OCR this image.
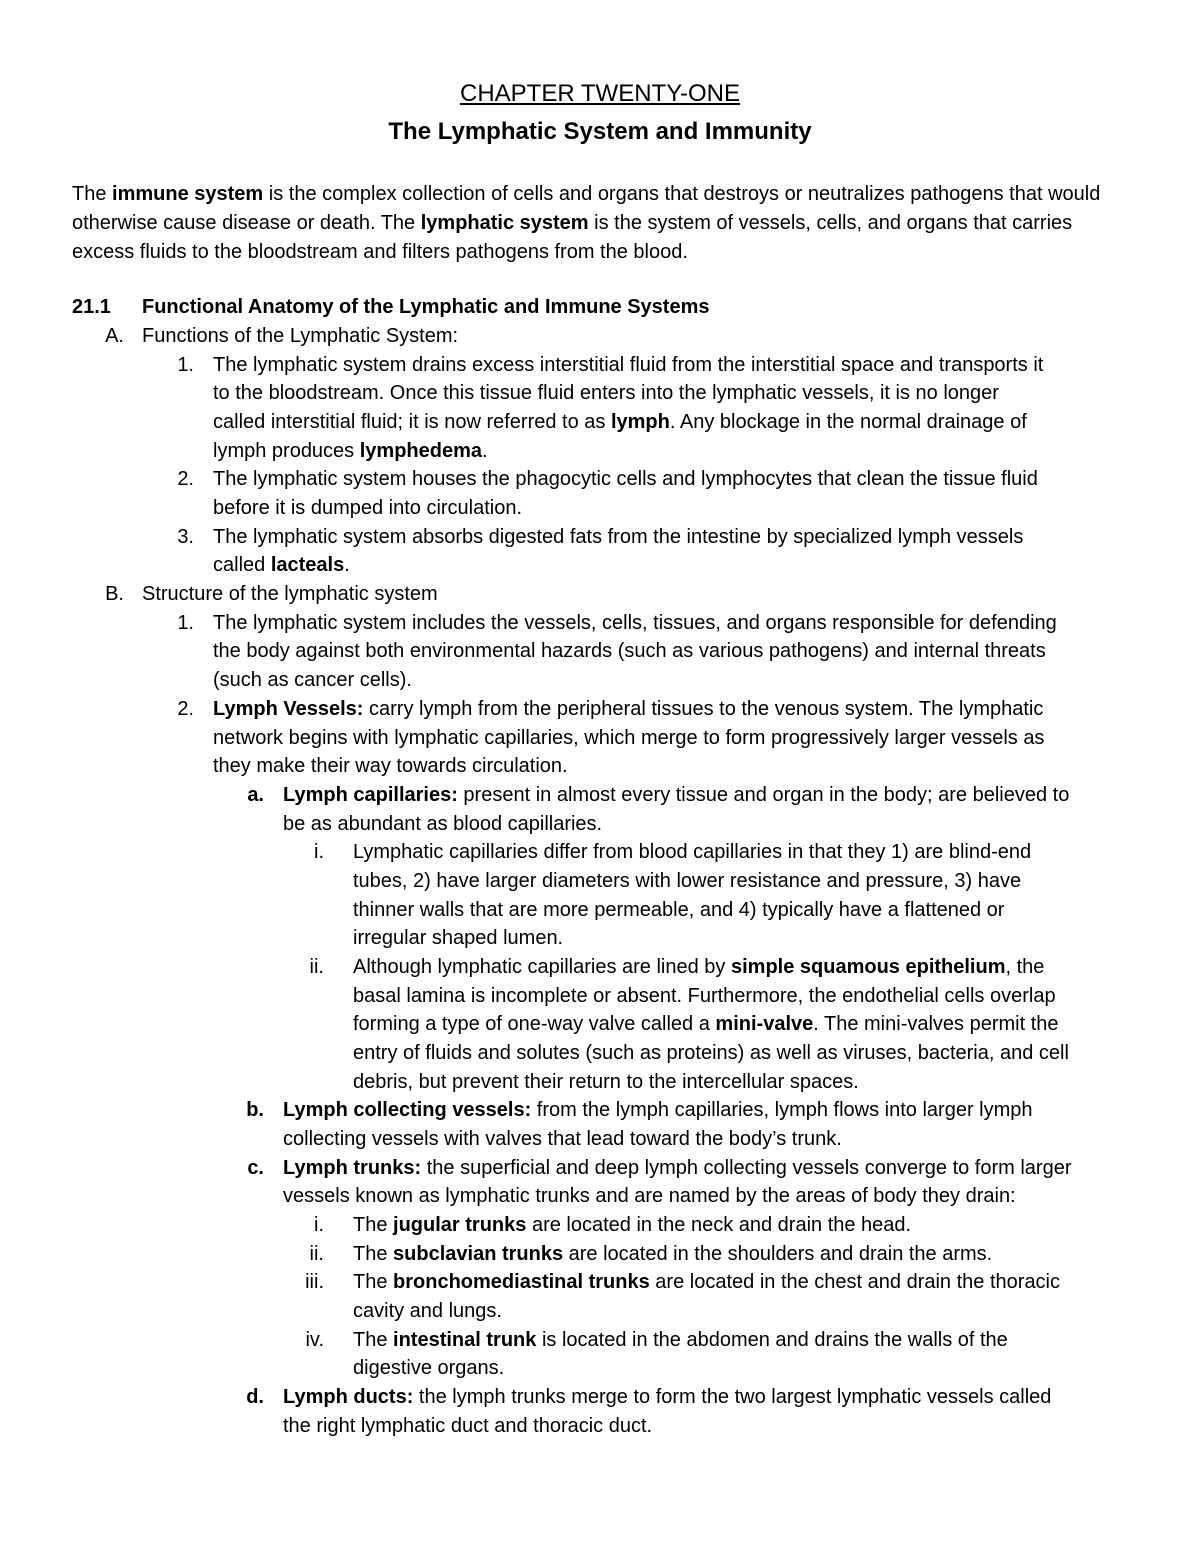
CHAPTER TWENTY-ONE
The Lymphatic System and Immunity
The immune system is the complex collection of cells and organs that destroys or neutralizes pathogens that would otherwise cause disease or death. The lymphatic system is the system of vessels, cells, and organs that carries excess fluids to the bloodstream and filters pathogens from the blood.
21.1 Functional Anatomy of the Lymphatic and Immune Systems
A. Functions of the Lymphatic System:
1. The lymphatic system drains excess interstitial fluid from the interstitial space and transports it
to the bloodstream. Once this tissue fluid enters into the lymphatic vessels, it is no longer
called interstitial fluid; it is now referred to as lymph. Any blockage in the normal drainage of
lymph produces lymphedema.
2. The lymphatic system houses the phagocytic cells and lymphocytes that clean the tissue fluid
before it is dumped into circulation.
3. The lymphatic system absorbs digested fats from the intestine by specialized lymph vessels
called lacteals.
B. Structure of the lymphatic system
1. The lymphatic system includes the vessels, cells, tissues, and organs responsible for defending
the body against both environmental hazards (such as various pathogens) and internal threats
(such as cancer cells).
2. Lymph Vessels: carry lymph from the peripheral tissues to the venous system. The lymphatic
network begins with lymphatic capillaries, which merge to form progressively larger vessels as
they make their way towards circulation.
a. Lymph capillaries: present in almost every tissue and organ in the body; are believed to
be as abundant as blood capillaries.
i. Lymphatic capillaries differ from blood capillaries in that they 1) are blind-end
tubes, 2) have larger diameters with lower resistance and pressure, 3) have
thinner walls that are more permeable, and 4) typically have a flattened or
irregular shaped lumen.
ii. Although lymphatic capillaries are lined by simple squamous epithelium, the
basal lamina is incomplete or absent. Furthermore, the endothelial cells overlap
forming a type of one-way valve called a mini-valve. The mini-valves permit the
entry of fluids and solutes (such as proteins) as well as viruses, bacteria, and cell
debris, but prevent their return to the intercellular spaces.
b. Lymph collecting vessels: from the lymph capillaries, lymph flows into larger lymph
collecting vessels with valves that lead toward the body’s trunk.
c. Lymph trunks: the superficial and deep lymph collecting vessels converge to form larger
vessels known as lymphatic trunks and are named by the areas of body they drain:
i. The jugular trunks are located in the neck and drain the head.
ii. The subclavian trunks are located in the shoulders and drain the arms.
iii. The bronchomediastinal trunks are located in the chest and drain the thoracic
cavity and lungs.
iv. The intestinal trunk is located in the abdomen and drains the walls of the
digestive organs.
d. Lymph ducts: the lymph trunks merge to form the two largest lymphatic vessels called
the right lymphatic duct and thoracic duct.
